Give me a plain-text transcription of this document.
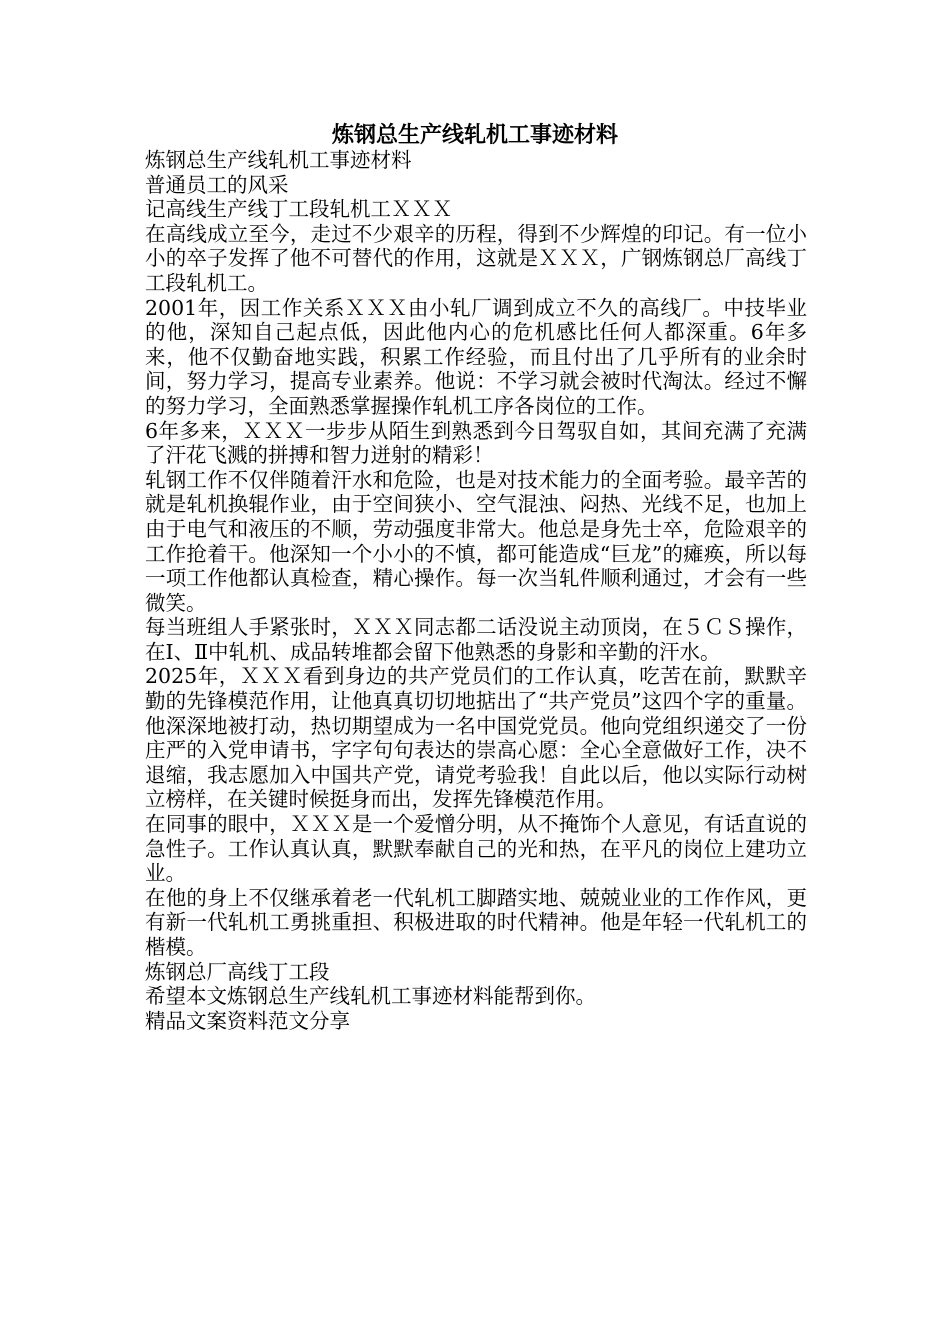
炼钢总生产线轧机工事迹材料

炼钢总生产线轧机工事迹材料

普通员工的风采

记高线生产线丁工段轧机工ＸＸＸ

在高线成立至今，走过不少艰辛的历程，得到不少辉煌的印记。有一位小小的卒子发挥了他不可替代的作用，这就是ＸＸＸ，广钢炼钢总厂高线丁工段轧机工。

2001年，因工作关系ＸＸＸ由小轧厂调到成立不久的高线厂。中技毕业的他，深知自己起点低，因此他内心的危机感比任何人都深重。6年多来，他不仅勤奋地实践，积累工作经验，而且付出了几乎所有的业余时间，努力学习，提高专业素养。他说：不学习就会被时代淘汰。经过不懈的努力学习，全面熟悉掌握操作轧机工序各岗位的工作。

6年多来，ＸＸＸ一步步从陌生到熟悉到今日驾驭自如，其间充满了充满了汗花飞溅的拼搏和智力迸射的精彩！

轧钢工作不仅伴随着汗水和危险，也是对技术能力的全面考验。最辛苦的就是轧机换辊作业，由于空间狭小、空气混浊、闷热、光线不足，也加上由于电气和液压的不顺，劳动强度非常大。他总是身先士卒，危险艰辛的工作抢着干。他深知一个小小的不慎，都可能造成“巨龙”的瘫痪，所以每一项工作他都认真检查，精心操作。每一次当轧件顺利通过，才会有一些微笑。

每当班组人手紧张时，ＸＸＸ同志都二话没说主动顶岗，在５ＣＳ操作，在Ⅰ、Ⅱ中轧机、成品转堆都会留下他熟悉的身影和辛勤的汗水。

2025年，ＸＸＸ看到身边的共产党员们的工作认真，吃苦在前，默默辛勤的先锋模范作用，让他真真切切地掂出了“共产党员”这四个字的重量。他深深地被打动，热切期望成为一名中国党党员。他向党组织递交了一份庄严的入党申请书，字字句句表达的崇高心愿：全心全意做好工作，决不退缩，我志愿加入中国共产党，请党考验我！自此以后，他以实际行动树立榜样，在关键时候挺身而出，发挥先锋模范作用。

在同事的眼中，ＸＸＸ是一个爱憎分明，从不掩饰个人意见，有话直说的急性子。工作认真认真，默默奉献自己的光和热，在平凡的岗位上建功立业。

在他的身上不仅继承着老一代轧机工脚踏实地、兢兢业业的工作作风，更有新一代轧机工勇挑重担、积极进取的时代精神。他是年轻一代轧机工的楷模。

炼钢总厂高线丁工段

希望本文炼钢总生产线轧机工事迹材料能帮到你。

精品文案资料范文分享
